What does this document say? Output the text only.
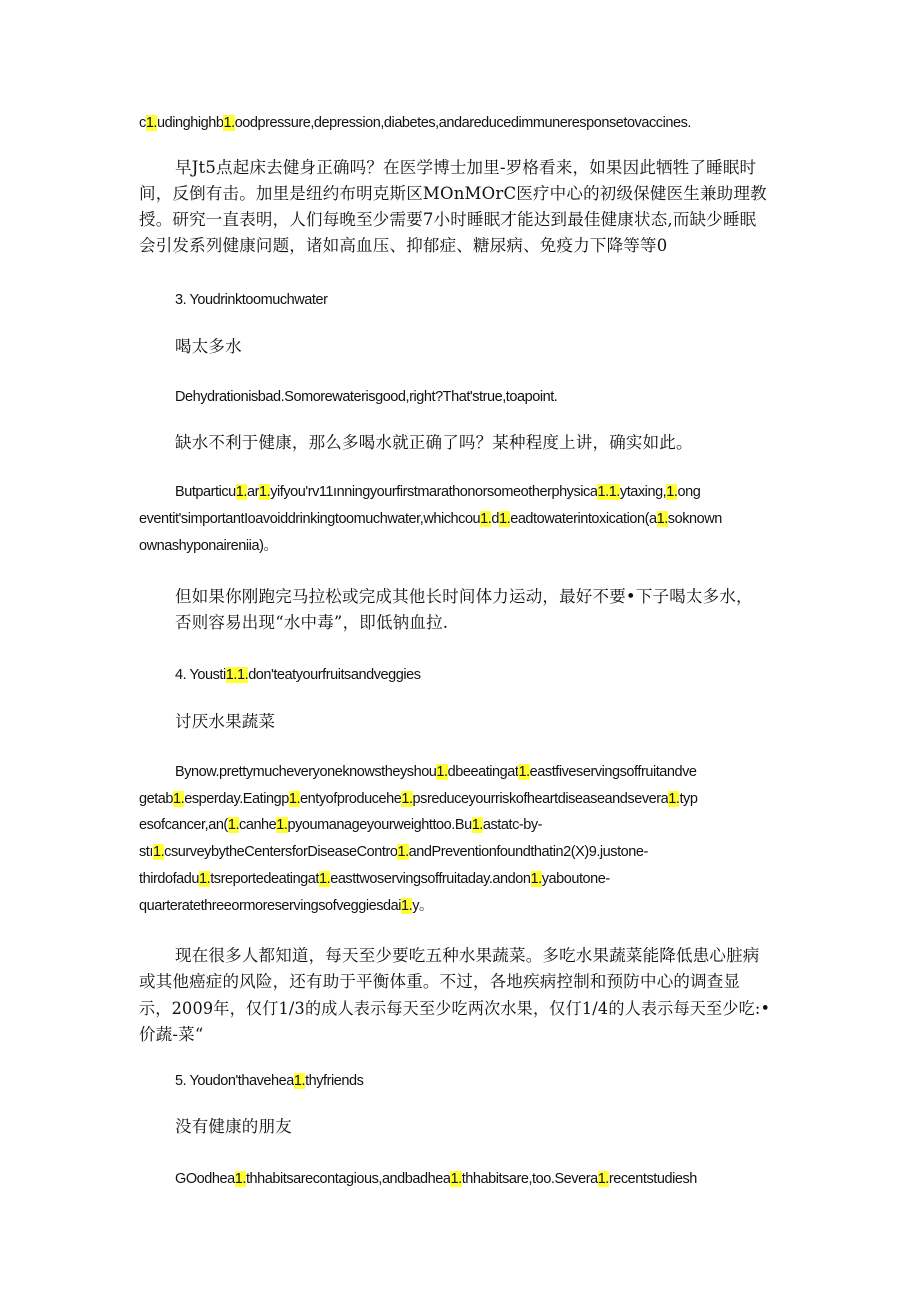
c1.udinghighb1.oodpressure,depression,diabetes,andareducedimmuneresponsetovaccines.

早Jt5点起床去健身正确吗？在医学博士加里-罗格看来，如果因此牺牲了睡眠时

间，反倒有击。加里是纽约布明克斯区MOnMOrC医疗中心的初级保健医生兼助理教

授。研究一直表明，人们每晚至少需要7小时睡眠才能达到最佳健康状态,而缺少睡眠

会引发系列健康问题，诸如高血压、抑郁症、糖尿病、免疫力下降等等0

3. Youdrinktoomuchwater

喝太多水

Dehydrationisbad.Somorewaterisgood,right?That'strue,toapoint.

缺水不利于健康，那么多喝水就正确了吗？某种程度上讲，确实如此。

Butparticu1.ar1.yifyou'rv11ınningyourfirstmarathonorsomeotherphysica1.1.ytaxing,1.ong

eventit'simportantIoavoiddrinkingtoomuchwater,whichcou1.d1.eadtowaterintoxication(a1.soknown

ownashyponaireniia)。

但如果你刚跑完马拉松或完成其他长时间体力运动，最好不要•下子喝太多水，

否则容易出现“水中毒”，即低钠血拉.

4. Yousti1.1.don'teatyourfruitsandveggies

讨厌水果蔬菜

Bynow.prettymucheveryoneknowstheyshou1.dbeeatingat1.eastfiveservingsoffruitandve

getab1.esperday.Eatingp1.entyofproducehe1.psreduceyourriskofheartdiseaseandsevera1.typ

esofcancer,an(1.canhe1.pyoumanageyourweighttoo.Bu1.astatc-by-

stı1.csurveybytheCentersforDiseaseContro1.andPreventionfoundthatin2(X)9.justone-

thirdofadu1.tsreportedeatingat1.easttwoservingsoffruitaday.andon1.yaboutone-

quarteratethreeormoreservingsofveggiesdai1.y。

现在很多人都知道，每天至少要吃五种水果蔬菜。多吃水果蔬菜能降低患心脏病

或其他癌症的风险，还有助于平衡体重。不过，各地疾病控制和预防中心的调查显

示，2009年，仅仃1/3的成人表示每天至少吃两次水果，仅仃1/4的人表示每天至少吃:•

价蔬-菜“

5. Youdon'thavehea1.thyfriends

没有健康的朋友

GOodhea1.thhabitsarecontagious,andbadhea1.thhabitsare,too.Severa1.recentstudiesh
